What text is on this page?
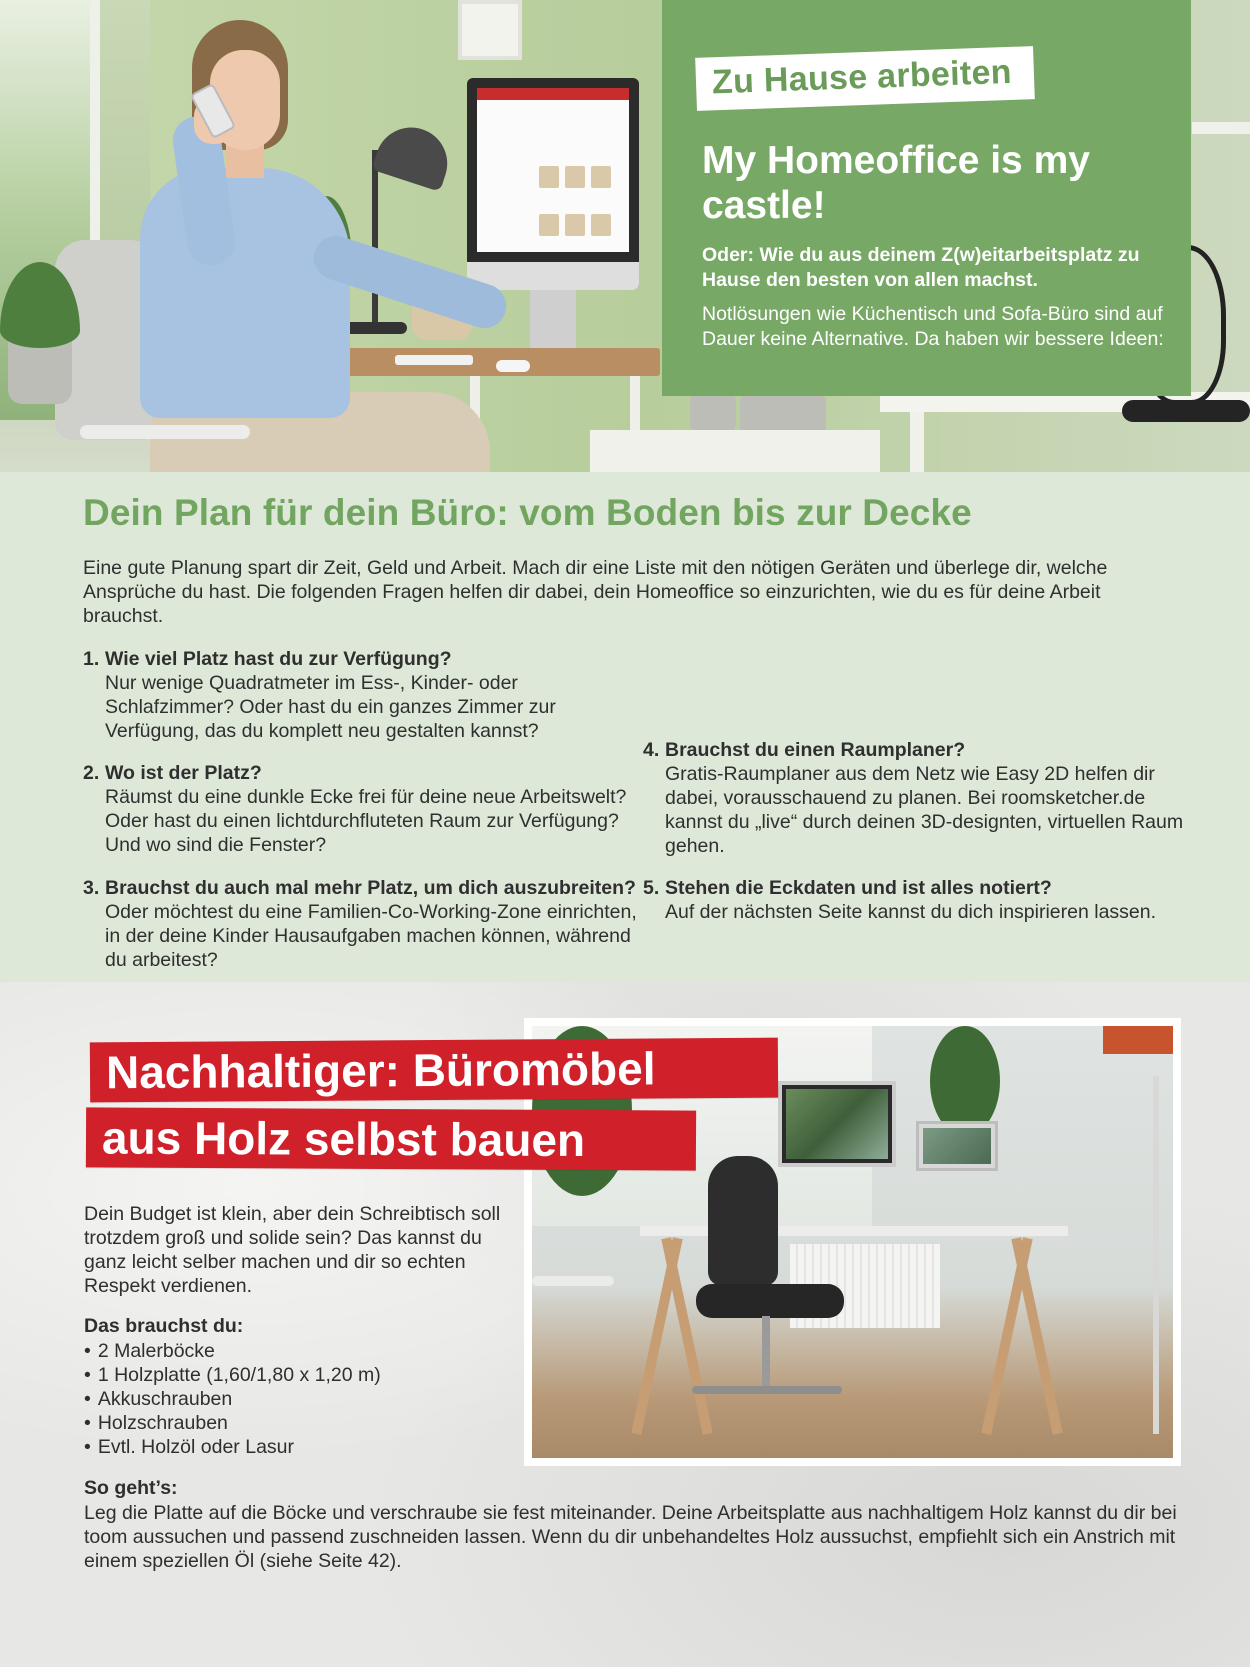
Zu Hause arbeiten
My Homeoffice is my castle!

Oder: Wie du aus deinem Z(w)eitarbeitsplatz zu Hause den besten von allen machst.

Notlösungen wie Küchentisch und Sofa-Büro sind auf Dauer keine Alternative. Da haben wir bessere Ideen:

Dein Plan für dein Büro: vom Boden bis zur Decke

Eine gute Planung spart dir Zeit, Geld und Arbeit. Mach dir eine Liste mit den nötigen Geräten und überlege dir, welche Ansprüche du hast. Die folgenden Fragen helfen dir dabei, dein Homeoffice so einzurichten, wie du es für deine Arbeit brauchst.

1. Wie viel Platz hast du zur Verfügung?
Nur wenige Quadratmeter im Ess-, Kinder- oder Schlafzimmer? Oder hast du ein ganzes Zimmer zur Verfügung, das du komplett neu gestalten kannst?
2. Wo ist der Platz?
Räumst du eine dunkle Ecke frei für deine neue Arbeitswelt? Oder hast du einen lichtdurchfluteten Raum zur Verfügung? Und wo sind die Fenster?
3. Brauchst du auch mal mehr Platz, um dich auszubreiten?
Oder möchtest du eine Familien-Co-Working-Zone einrichten, in der deine Kinder Hausaufgaben machen können, während du arbeitest?
4. Brauchst du einen Raumplaner?
Gratis-Raumplaner aus dem Netz wie Easy 2D helfen dir dabei, vorausschauend zu planen. Bei roomsketcher.de kannst du „live“ durch deinen 3D-designten, virtuellen Raum gehen.
5. Stehen die Eckdaten und ist alles notiert?
Auf der nächsten Seite kannst du dich inspirieren lassen.
Nachhaltiger: Büromöbel
aus Holz selbst bauen

Dein Budget ist klein, aber dein Schreibtisch soll trotzdem groß und solide sein? Das kannst du ganz leicht selber machen und dir so echten Respekt verdienen.

Das brauchst du:

• 2 Malerböcke
• 1 Holzplatte (1,60/1,80 x 1,20 m)
• Akkuschrauben
• Holzschrauben
• Evtl. Holzöl oder Lasur

So geht’s:

Leg die Platte auf die Böcke und verschraube sie fest miteinander. Deine Arbeitsplatte aus nachhaltigem Holz kannst du dir bei toom aussuchen und passend zuschneiden lassen. Wenn du dir unbehandeltes Holz aussuchst, empfiehlt sich ein Anstrich mit einem speziellen Öl (siehe Seite 42).
